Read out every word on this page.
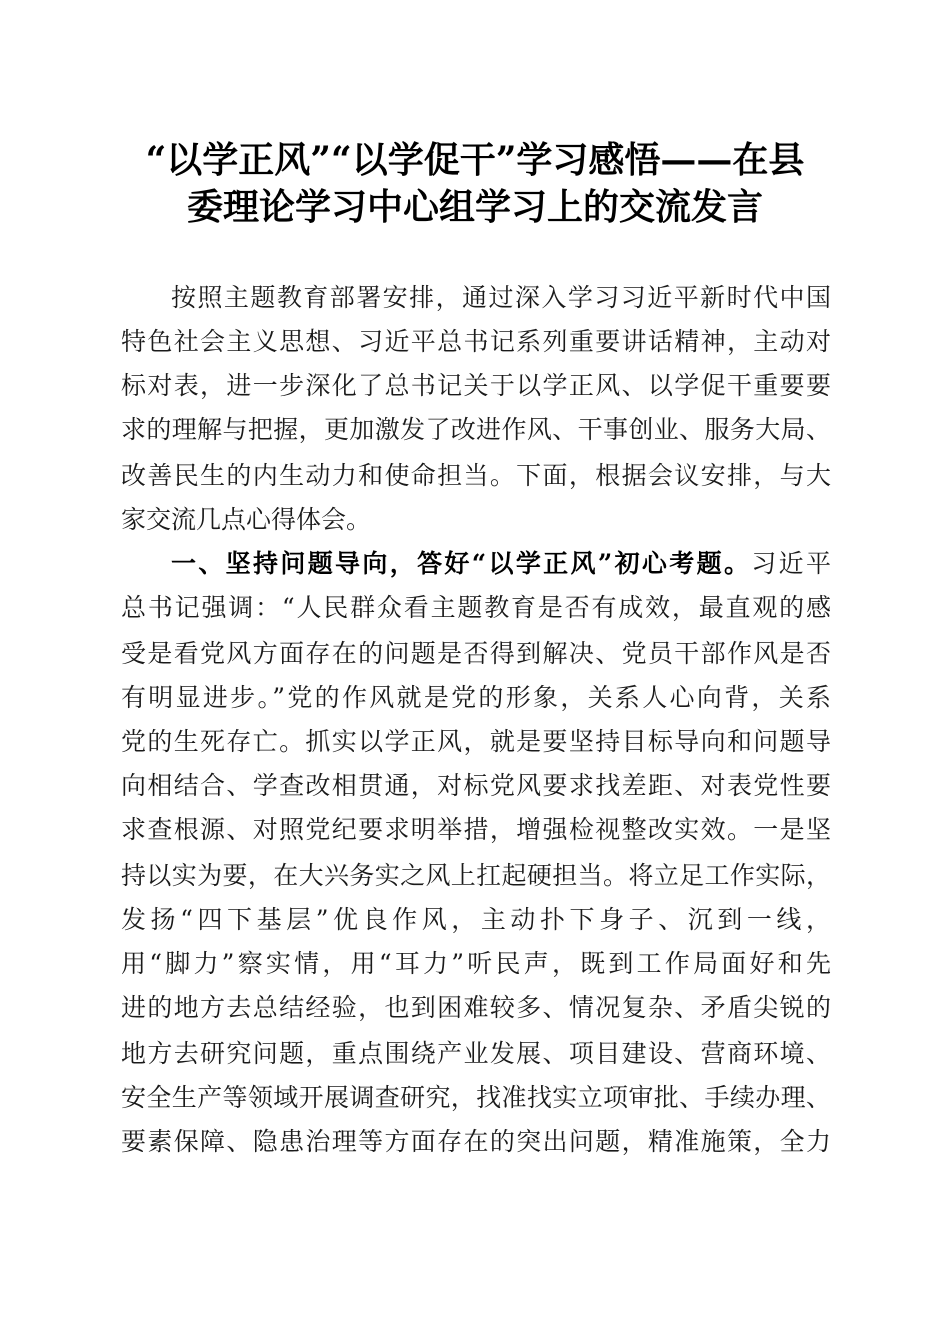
“以学正风”“以学促干”学习感悟——在县
委理论学习中心组学习上的交流发言
按照主题教育部署安排，通过深入学习习近平新时代中国
特色社会主义思想、习近平总书记系列重要讲话精神，主动对
标对表，进一步深化了总书记关于以学正风、以学促干重要要
求的理解与把握，更加激发了改进作风、干事创业、服务大局、
改善民生的内生动力和使命担当。下面，根据会议安排，与大
家交流几点心得体会。
一、坚持问题导向，答好“以学正风”初心考题。习近平
总书记强调：“人民群众看主题教育是否有成效，最直观的感
受是看党风方面存在的问题是否得到解决、党员干部作风是否
有明显进步。”党的作风就是党的形象，关系人心向背，关系
党的生死存亡。抓实以学正风，就是要坚持目标导向和问题导
向相结合、学查改相贯通，对标党风要求找差距、对表党性要
求查根源、对照党纪要求明举措，增强检视整改实效。一是坚
持以实为要，在大兴务实之风上扛起硬担当。将立足工作实际，
发扬“四下基层”优良作风，主动扑下身子、沉到一线，
用“脚力”察实情，用“耳力”听民声，既到工作局面好和先
进的地方去总结经验，也到困难较多、情况复杂、矛盾尖锐的
地方去研究问题，重点围绕产业发展、项目建设、营商环境、
安全生产等领域开展调查研究，找准找实立项审批、手续办理、
要素保障、隐患治理等方面存在的突出问题，精准施策，全力
